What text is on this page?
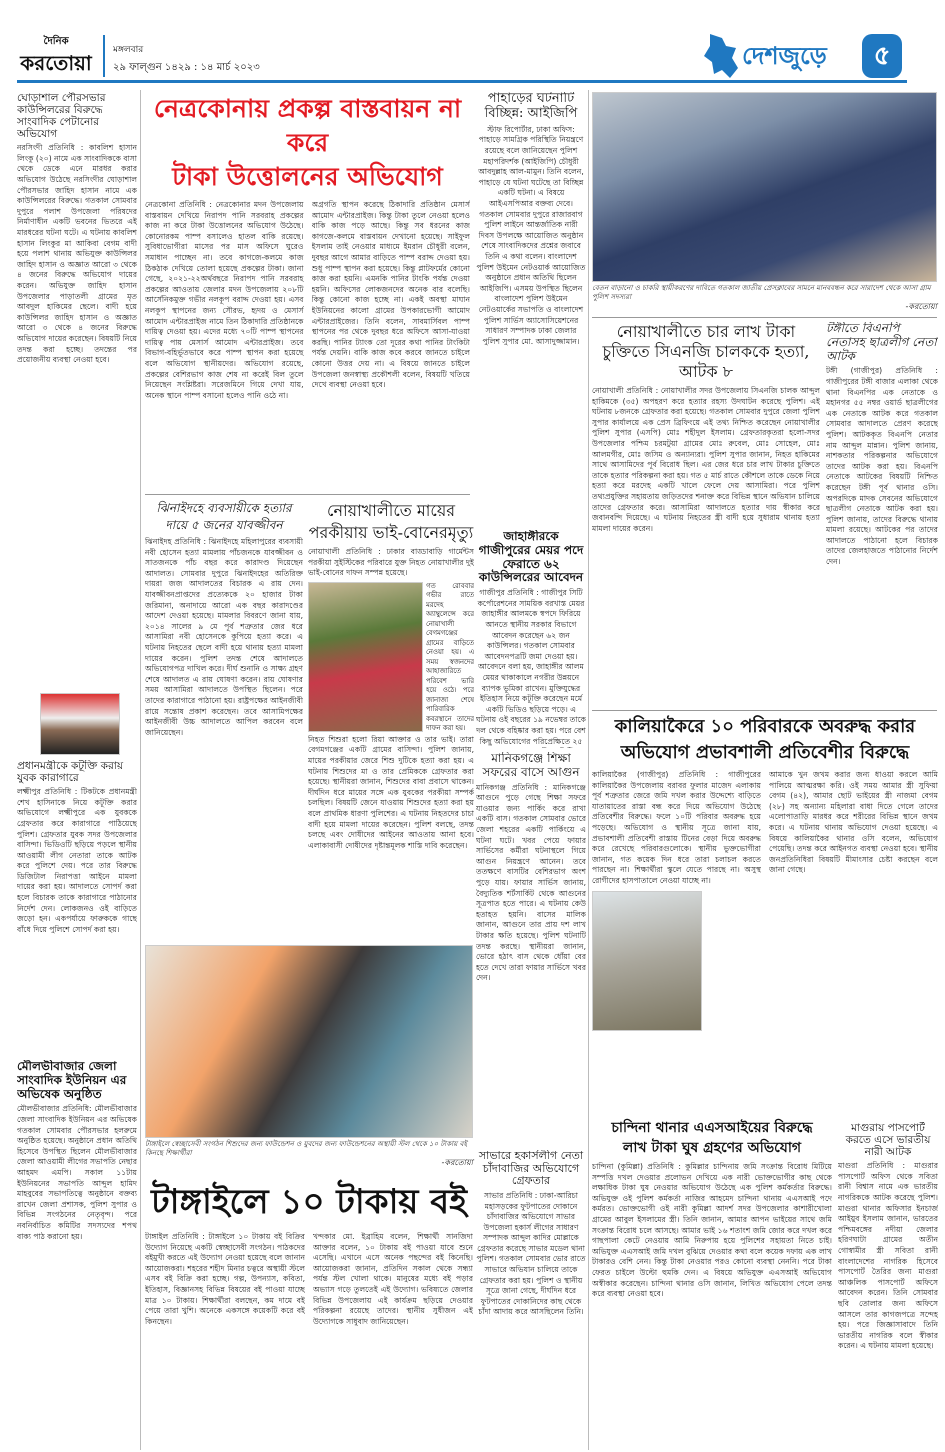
দৈনিক
করতোয়া
মঙ্গলবার
২৯ ফাল্গুন ১৪২৯ : ১৪ মার্চ ২০২৩	দেশজুড়ে	৫
ঘোড়াশাল পৌরসভার কাউন্সিলরের বিরুদ্ধে সাংবাদিক পেটানোর অভিযোগ
নরসিংদী প্রতিনিধি : কাবলিশ হাসান লিংকু (২০) নামে এক সাংবাদিককে বাসা থেকে ডেকে এনে মারধর করার অভিযোগ উঠেছে নরসিংদীর ঘোড়াশাল পৌরসভার জাহিদ হাসান নামে এক কাউন্সিলরের বিরুদ্ধে। গতকাল সোমবার দুপুরে পলাশ উপজেলা পরিষদের নির্মাণাধীন একটি ভবনের ভিতরে এই মারধরের ঘটনা ঘটে। এ ঘটনায় কাবলিশ হাসান লিংকুর মা আকিবা বেগম বাদী হয়ে পলাশ থানায় অভিযুক্ত কাউন্সিলর জাহিদ হাসান ও অজ্ঞাত আরো ৩ থেকে ৪ জনের বিরুদ্ধে অভিযোগ দায়ের করেন। অভিযুক্ত জাহিদ হাসান উপজেলার পাড়াতলী গ্রামের মৃত আবদুল হাকিমের ছেলে। বাদী হয়ে কাউন্সিলর জাহিদ হাসান ও অজ্ঞাত আরো ৩ থেকে ৪ জনের বিরুদ্ধে অভিযোগ দায়ের করেছেন। বিষয়টি নিয়ে তদন্ত করা হচ্ছে। তদন্তের পর প্রয়োজনীয় ব্যবস্থা নেওয়া হবে।
প্রধানমন্ত্রীকে কটূক্তি করায় যুবক কারাগারে
লক্ষ্মীপুর প্রতিনিধি : টিকটকে প্রধানমন্ত্রী শেখ হাসিনাকে নিয়ে কটূক্তি করার অভিযোগে লক্ষ্মীপুরে এক যুবককে গ্রেফতার করে কারাগারে পাঠিয়েছে পুলিশ। গ্রেফতার যুবক সদর উপজেলার বাসিন্দা। ভিডিওটি ছড়িয়ে পড়লে স্থানীয় আওয়ামী লীগ নেতারা তাকে আটক করে পুলিশে দেয়। পরে তার বিরুদ্ধে ডিজিটাল নিরাপত্তা আইনে মামলা দায়ের করা হয়। আদালতে সোপর্দ করা হলে বিচারক তাকে কারাগারে পাঠানোর নির্দেশ দেন। লোকজনও ওই বাড়িতে জড়ো হন। একপর্যায়ে ফারুককে গাছে বাঁধে দিয়ে পুলিশে সোপর্দ করা হয়।
মৌলভীবাজার জেলা সাংবাদিক ইউনিয়ন এর অভিষেক অনুষ্ঠিত
মৌলভীবাজার প্রতিনিধি: মৌলভীবাজার জেলা সাংবাদিক ইউনিয়ন এর অভিষেক গতকাল সোমবার পৌরসভার হলরুমে অনুষ্ঠিত হয়েছে। অনুষ্ঠানে প্রধান অতিথি হিসেবে উপস্থিত ছিলেন মৌলভীবাজার জেলা আওয়ামী লীগের সভাপতি নেছার আহমদ এমপি। সকাল ১১টায় ইউনিয়নের সভাপতি আব্দুল হামিদ মাহবুবের সভাপতিত্বে অনুষ্ঠানে বক্তব্য রাখেন জেলা প্রশাসক, পুলিশ সুপার ও বিভিন্ন সংগঠনের নেতৃবৃন্দ। পরে নবনির্বাচিত কমিটির সদস্যদের শপথ বাক্য পাঠ করানো হয়।
নেত্রকোনায় প্রকল্প বাস্তবায়ন না করে
টাকা উত্তোলনের অভিযোগ
নেত্রকোনা প্রতিনিধি : নেত্রকোনার মদন উপজেলায় বাস্তবায়ন দেখিয়ে নিরাপদ পানি সরবরাহ প্রকল্পের কাজ না করে টাকা উত্তোলনের অভিযোগ উঠেছে। কোনোরকম পাম্প বসালেও হাতল বাকি রয়েছে। সুবিধাভোগীরা মাসের পর মাস অফিসে ঘুরেও সমাধান পাচ্ছেন না। তবে কাগজে-কলমে কাজ ঠিকঠাক দেখিয়ে তোলা হয়েছে প্রকল্পের টাকা। জানা গেছে, ২০২১-২২অর্থবছরে নিরাপদ পানি সরবরাহ প্রকল্পের আওতায় জেলার মদন উপজেলায় ২০৮টি আর্সেনিকমুক্ত গভীর নলকূপ বরাদ্দ দেওয়া হয়। এসব নলকূপ স্থাপনের জন্য সৌরভ, হৃদয় ও মেসার্স আমোদ এন্টারপ্রাইজ নামে তিন ঠিকাদারি প্রতিষ্ঠানকে দায়িত্ব দেওয়া হয়। এদের মধ্যে ৭০টি পাম্প স্থাপনের দায়িত্ব পায় মেসার্স আমোদ এন্টারপ্রাইজ। তবে বিভাগ-বহির্ভূতভাবে করে পাম্প স্থাপন করা হয়েছে বলে অভিযোগ স্থানীয়দের। অভিযোগ রয়েছে, প্রকল্পের বেশিরভাগ কাজ শেষ না করেই বিল তুলে নিয়েছেন সংশ্লিষ্টরা। সরেজমিনে গিয়ে দেখা যায়, অনেক স্থানে পাম্প বসানো হলেও পানি ওঠে না।
অগ্রগতি স্থাপন করেছে ঠিকাদারি প্রতিষ্ঠান মেসার্স আমোদ এন্টারপ্রাইজ। কিন্তু টাকা তুলে নেওয়া হলেও বাকি কাজ পড়ে আছে। কিন্তু সব ধরনের কাজ কাগজে-কলমে বাস্তবায়ন দেখানো হয়েছে। সাইফুল ইসলাম তাই নেওয়ার মাধ্যমে ইমরান চৌধুরী বলেন, দুবছর আগে আমার বাড়িতে পাম্প বরাদ্দ দেওয়া হয়। শুধু পাম্প স্থাপন করা হয়েছে। কিন্তু প্লাটফর্মের কোনো কাজ করা হয়নি। এমনকি পানির টাংকি পর্যন্ত দেওয়া হয়নি। অফিসের লোকজনদের অনেক বার বলেছি। কিন্তু কোনো কাজ হচ্ছে না। একই অবস্থা মাঘান ইউনিয়নের কালো গ্রামের উপকারভোগী আমোদ এন্টারপ্রাইজের। তিনি বলেন, সাবমার্সিবল পাম্প স্থাপনের পর থেকে দুবছর ধরে অফিসে আসা-যাওয়া করছি। পানির ট্যাংক তো দূরের কথা পানির টাংকিটা পর্যন্ত দেয়নি। বাকি কাজ কবে করবে জানতে চাইলে কোনো উত্তর দেয় না। এ বিষয়ে জানতে চাইলে উপজেলা জনস্বাস্থ্য প্রকৌশলী বলেন, বিষয়টি খতিয়ে দেখে ব্যবস্থা নেওয়া হবে।
পাহাড়ের ঘটনাটি বিচ্ছিন্ন: আইজিপি
স্টাফ রিপোর্টার, ঢাকা অফিস: পাহাড়ে সামগ্রিক পরিস্থিতি নিয়ন্ত্রণে রয়েছে বলে জানিয়েছেন পুলিশ মহাপরিদর্শক (আইজিপি) চৌধুরী আবদুল্লাহ আল-মামুন। তিনি বলেন, পাহাড়ে যে ঘটনা ঘটেছে তা বিচ্ছিন্ন একটি ঘটনা। এ বিষয়ে আইএসপিআর বক্তব্য দেবে। গতকাল সোমবার দুপুরে রাজারবাগ পুলিশ লাইনে আন্তর্জাতিক নারী দিবস উপলক্ষে আয়োজিত অনুষ্ঠান শেষে সাংবাদিকদের প্রশ্নের জবাবে তিনি এ কথা বলেন। বাংলাদেশ পুলিশ উইমেন নেটওয়ার্ক আয়োজিত অনুষ্ঠানে প্রধান অতিথি ছিলেন আইজিপি। এসময় উপস্থিত ছিলেন বাংলাদেশ পুলিশ উইমেন নেটওয়ার্কের সভাপতি ও বাংলাদেশ পুলিশ সার্ভিস অ্যাসোসিয়েশনের সাধারণ সম্পাদক ঢাকা জেলার পুলিশ সুপার মো. আসাদুজ্জামান।
জাহাঙ্গীরকে গাজীপুরের মেয়র পদে ফেরাতে ৬২ কাউন্সিলরের আবেদন
গাজীপুর প্রতিনিধি : গাজীপুর সিটি কর্পোরেশনের সাময়িক বরখাস্ত মেয়র জাহাঙ্গীর আলমকে স্বপদে ফিরিয়ে আনতে স্থানীয় সরকার বিভাগে আবেদন করেছেন ৬২ জন কাউন্সিলর। গতকাল সোমবার আবেদনপত্রটি জমা দেওয়া হয়। আবেদনে বলা হয়, জাহাঙ্গীর আলম মেয়র থাকাকালে নগরীর উন্নয়নে ব্যাপক ভূমিকা রাখেন। মুক্তিযুদ্ধের ইতিহাস নিয়ে কটূক্তি করেছেন মর্মে একটি ভিডিও ছড়িয়ে পড়ে। এ ঘটনায় ওই বছরের ১৯ নভেম্বর তাকে দল থেকে বহিষ্কার করা হয়। পরে বেশ কিছু অভিযোগের পরিপ্রেক্ষিতে ২৫
মানিকগঞ্জে শিক্ষা সফরের বাসে আগুন
মানিকগঞ্জ প্রতিনিধি : মানিকগঞ্জে আগুনে পুড়ে গেছে শিক্ষা সফরে যাওয়ার জন্য পার্কিং করে রাখা একটি বাস। গতকাল সোমবার ভোরে জেলা শহরের একটি পার্কিংয়ে এ ঘটনা ঘটে। খবর পেয়ে ফায়ার সার্ভিসের কর্মীরা ঘটনাস্থলে গিয়ে আগুন নিয়ন্ত্রণে আনেন। তবে ততক্ষণে বাসটির বেশিরভাগ অংশ পুড়ে যায়। ফায়ার সার্ভিস জানায়, বৈদ্যুতিক শর্টসার্কিট থেকে আগুনের সূত্রপাত হতে পারে। এ ঘটনায় কেউ হতাহত হয়নি। বাসের মালিক জানান, আগুনে তার প্রায় দশ লাখ টাকার ক্ষতি হয়েছে। পুলিশ ঘটনাটি তদন্ত করছে। স্থানীয়রা জানান, ভোরে হঠাৎ বাস থেকে ধোঁয়া বের হতে দেখে তারা ফায়ার সার্ভিসে খবর দেন।
সাভারে হকার্সলীগ নেতা চাঁদাবাজির অভিযোগে গ্রেফতার
সাভার প্রতিনিধি : ঢাকা-আরিচা মহাসড়কের ফুটপাতের দোকানে চাঁদাবাজির অভিযোগে সাভার উপজেলা হকার্স লীগের সাধারণ সম্পাদক আব্দুল কাদির মোল্লাকে গ্রেফতার করেছে সাভার মডেল থানা পুলিশ। গতকাল সোমবার ভোর রাতে সাভারে অভিযান চালিয়ে তাকে গ্রেফতার করা হয়। পুলিশ ও স্থানীয় সূত্রে জানা গেছে, দীর্ঘদিন ধরে ফুটপাতের দোকানিদের কাছ থেকে চাঁদা আদায় করে আসছিলেন তিনি।
বেতন বাড়ানো ও চাকরি স্থায়ীকরণের দাবিতে গতকাল জাতীয় প্রেসক্লাবের সামনে মানববন্ধন করে সারাদেশ থেকে আসা গ্রাম পুলিশ সদস্যরা
-করতোয়া
নোয়াখালীতে চার লাখ টাকা চুক্তিতে সিএনজি চালককে হত্যা, আটক ৮
নোয়াখালী প্রতিনিধি : নোয়াখালীর সদর উপজেলায় সিএনজি চালক আব্দুল হাকিমকে (৩৫) অপহরণ করে হত্যার রহস্য উদঘাটন করেছে পুলিশ। এই ঘটনায় ৮জনকে গ্রেফতার করা হয়েছে। গতকাল সোমবার দুপুরে জেলা পুলিশ সুপার কার্যালয়ে এক প্রেস ব্রিফিংয়ে এই তথ্য নিশ্চিত করেছেন নোয়াখালীর পুলিশ সুপার (এসপি) মোঃ শহীদুল ইসলাম। গ্রেফতারকৃতরা হলো-সদর উপজেলার পশ্চিম চরমটুয়া গ্রামের মোঃ রুবেল, মোঃ সোহেল, মোঃ আলমগীর, মোঃ জসিম ও অন্যান্যরা। পুলিশ সুপার জানান, নিহত হাকিমের সাথে আসামিদের পূর্ব বিরোধ ছিল। এর জের ধরে চার লাখ টাকার চুক্তিতে তাকে হত্যার পরিকল্পনা করা হয়। গত ৫ মার্চ রাতে কৌশলে তাকে ডেকে নিয়ে হত্যা করে মরদেহ একটি খালে ফেলে দেয় আসামিরা। পরে পুলিশ তথ্যপ্রযুক্তির সহায়তায় জড়িতদের শনাক্ত করে বিভিন্ন স্থানে অভিযান চালিয়ে তাদের গ্রেফতার করে। আসামিরা আদালতে হত্যার দায় স্বীকার করে জবানবন্দি দিয়েছে। এ ঘটনায় নিহতের স্ত্রী বাদী হয়ে সুধারাম থানায় হত্যা মামলা দায়ের করেন।
টঙ্গীতে বিএনপি নেতাসহ ছাত্রলীগ নেতা আটক
টঙ্গী (গাজীপুর) প্রতিনিধি : গাজীপুরের টঙ্গী বাজার এলাকা থেকে থানা বিএনপির এক নেতাকে ও মহানগর ৫৫ নম্বর ওয়ার্ড ছাত্রলীগের এক নেতাকে আটক করে গতকাল সোমবার আদালতে প্রেরণ করেছে পুলিশ। আটককৃত বিএনপি নেতার নাম আব্দুল মান্নান। পুলিশ জানায়, নাশকতার পরিকল্পনার অভিযোগে তাদের আটক করা হয়। বিএনপি নেতাকে আটকের বিষয়টি নিশ্চিত করেছেন টঙ্গী পূর্ব থানার ওসি। অপরদিকে মাদক সেবনের অভিযোগে ছাত্রলীগ নেতাকে আটক করা হয়। পুলিশ জানায়, তাদের বিরুদ্ধে থানায় মামলা রয়েছে। আটকের পর তাদের আদালতে পাঠানো হলে বিচারক তাদের জেলহাজতে পাঠানোর নির্দেশ দেন।
কালিয়াকৈরে ১০ পরিবারকে অবরুদ্ধ করার
অভিযোগ প্রভাবশালী প্রতিবেশীর বিরুদ্ধে
কালিয়াকৈর (গাজীপুর) প্রতিনিধি : গাজীপুরের কালিয়াকৈর উপজেলায় বরাবর ফুলার মাজেদ এলাকায় পূর্ব শত্রুতার জেরে জমি দখল করার উদ্দেশ্যে বাড়িতে যাতায়াতের রাস্তা বন্ধ করে দিয়ে অভিযোগ উঠেছে প্রতিবেশীর বিরুদ্ধে। ফলে ১০টি পরিবার অবরুদ্ধ হয়ে পড়েছে। অভিযোগ ও স্থানীয় সূত্রে জানা যায়, প্রভাবশালী প্রতিবেশী রাস্তায় টিনের বেড়া দিয়ে অবরুদ্ধ করে রেখেছে পরিবারগুলোকে। স্থানীয় ভুক্তভোগীরা জানান, গত কয়েক দিন ধরে তারা চলাচল করতে পারছেন না। শিক্ষার্থীরা স্কুলে যেতে পারছে না। অসুস্থ রোগীদের হাসপাতালে নেওয়া যাচ্ছে না।
আমাকে খুন জখম করার জন্য ধাওয়া করলে আমি পালিয়ে আত্মরক্ষা করি। ওই সময় আমার স্ত্রী সুফিয়া বেগম (৪২), আমার ছোট ভাইয়ের স্ত্রী নাজমা বেগম (২৮) সহ অন্যান্য মহিলারা বাধা দিতে গেলে তাদের এলোপাতাড়ি মারধর করে শরীরের বিভিন্ন স্থানে জখম করে। এ ঘটনায় থানায় অভিযোগ দেওয়া হয়েছে। এ বিষয়ে কালিয়াকৈর থানার ওসি বলেন, অভিযোগ পেয়েছি। তদন্ত করে আইনগত ব্যবস্থা নেওয়া হবে। স্থানীয় জনপ্রতিনিধিরা বিষয়টি মীমাংসার চেষ্টা করছেন বলে জানা গেছে।
চান্দিনা থানার এএসআইয়ের বিরুদ্ধে
লাখ টাকা ঘুষ গ্রহণের অভিযোগ
চান্দিনা (কুমিল্লা) প্রতিনিধি : কুমিল্লার চান্দিনায় জমি সংক্রান্ত বিরোধ মিটিয়ে সম্পত্তি দখল দেওয়ার প্রলোভন দেখিয়ে এক নারী ভোক্তভোগীর কাছ থেকে লক্ষাধিক টাকা ঘুষ নেওয়ার অভিযোগ উঠেছে এক পুলিশ কর্মকর্তার বিরুদ্ধে। অভিযুক্ত ওই পুলিশ কর্মকর্তা নাজির আহমেদ চান্দিনা থানায় এএসআই পদে কর্মরত। ভোক্তভোগী ওই নারী কুমিল্লা আদর্শ সদর উপজেলার কাশারীখোলা গ্রামের আবুল ইসলামের স্ত্রী। তিনি জানান, আমার আপন ভাইয়ের সাথে জমি সংক্রান্ত বিরোধ চলে আসছে। আমার ভাই ১৬ শতাংশ জমি জোর করে দখল করে গাছপালা কেটে নেওয়ায় আমি নিরুপায় হয়ে পুলিশের সহায়তা নিতে চাই। অভিযুক্ত এএসআই জমি দখল বুঝিয়ে দেওয়ার কথা বলে কয়েক দফায় এক লাখ টাকারও বেশি নেন। কিন্তু টাকা নেওয়ার পরও কোনো ব্যবস্থা নেননি। পরে টাকা ফেরত চাইলে উল্টো হুমকি দেন। এ বিষয়ে অভিযুক্ত এএসআই অভিযোগ অস্বীকার করেছেন। চান্দিনা থানার ওসি জানান, লিখিত অভিযোগ পেলে তদন্ত করে ব্যবস্থা নেওয়া হবে।
মাগুরায় পাসপোর্ট করতে এসে ভারতীয় নারী আটক
মাগুরা প্রতিনিধি : মাগুরার পাসপোর্ট অফিস থেকে সবিতা রানী বিশ্বাস নামে এক ভারতীয় নাগরিককে আটক করেছে পুলিশ। মাগুরা থানার অফিসার ইনচার্জ আইয়ুব ইসলাম জানান, ভারতের পশ্চিমবঙ্গের নদীয়া জেলার হরিণঘাটা গ্রামের অতীন গোস্বামীর স্ত্রী সবিতা রানী বাংলাদেশের নাগরিক হিসেবে পাসপোর্ট তৈরির জন্য মাগুরা আঞ্চলিক পাসপোর্ট অফিসে আবেদন করেন। তিনি সোমবার ছবি তোলার জন্য অফিসে আসলে তার কাগজপত্রে সন্দেহ হয়। পরে জিজ্ঞাসাবাদে তিনি ভারতীয় নাগরিক বলে স্বীকার করেন। এ ঘটনায় মামলা হয়েছে।
ঝিনাইদহে ব্যবসায়ীকে হত্যার দায়ে ৫ জনের যাবজ্জীবন
ঝিনাইদহ প্রতিনিধি : ঝিনাইদহে মহিলাপুরের ব্যবসায়ী নবী হোসেন হত্যা মামলায় পাঁচজনকে যাবজ্জীবন ও সাতজনকে পাঁচ বছর করে কারাদণ্ড দিয়েছেন আদালত। সোমবার দুপুরে ঝিনাইদহের অতিরিক্ত দায়রা জজ আদালতের বিচারক এ রায় দেন। যাবজ্জীবনপ্রাপ্তদের প্রত্যেককে ২০ হাজার টাকা জরিমানা, অনাদায়ে আরো এক বছর কারাদণ্ডের আদেশ দেওয়া হয়েছে। মামলার বিবরণে জানা যায়, ২০১৪ সালের ৯ মে পূর্ব শত্রুতার জের ধরে আসামিরা নবী হোসেনকে কুপিয়ে হত্যা করে। এ ঘটনায় নিহতের ছেলে বাদী হয়ে থানায় হত্যা মামলা দায়ের করেন। পুলিশ তদন্ত শেষে আদালতে অভিযোগপত্র দাখিল করে। দীর্ঘ শুনানি ও সাক্ষ্য গ্রহণ শেষে আদালত এ রায় ঘোষণা করেন। রায় ঘোষণার সময় আসামিরা আদালতে উপস্থিত ছিলেন। পরে তাদের কারাগারে পাঠানো হয়। রাষ্ট্রপক্ষের আইনজীবী রায়ে সন্তোষ প্রকাশ করেছেন। তবে আসামিপক্ষের আইনজীবী উচ্চ আদালতে আপিল করবেন বলে জানিয়েছেন।
নোয়াখালীতে মায়ের পরকীয়ায় ভাই-বোনেরমৃত্যু
নোয়াখালী প্রতিনিধি : ঢাকার বাড্ডাবাড়ি গার্মেন্টস পরকীয়া সুইস্টিকের পরিবারে যুক্ত নিহত নোয়াখালীর দুই ভাই-বোনের দাফন সম্পন্ন হয়েছে।
গত রোববার গভীর রাতে মরদেহ অ্যাম্বুলেন্সে করে নোয়াখালী বেগমগঞ্জের গ্রামের বাড়িতে নেওয়া হয়। এ সময় স্বজনদের আহাজারিতে পরিবেশ ভারি হয়ে ওঠে। পরে জানাজা শেষে পারিবারিক কবরস্থানে তাদের দাফন করা হয়।
নিহত শিশুরা হলো রিয়া আক্তার ও তার ভাই। তারা বেগমগঞ্জের একটি গ্রামের বাসিন্দা। পুলিশ জানায়, মায়ের পরকীয়ার জেরে শিশু দুটিকে হত্যা করা হয়। এ ঘটনায় শিশুদের মা ও তার প্রেমিককে গ্রেফতার করা হয়েছে। স্থানীয়রা জানান, শিশুদের বাবা প্রবাসে থাকেন। দীর্ঘদিন ধরে মায়ের সঙ্গে এক যুবকের পরকীয়া সম্পর্ক চলছিল। বিষয়টি জেনে যাওয়ায় শিশুদের হত্যা করা হয় বলে প্রাথমিক ধারণা পুলিশের। এ ঘটনায় নিহতদের চাচা বাদী হয়ে মামলা দায়ের করেছেন। পুলিশ বলছে, তদন্ত চলছে এবং দোষীদের আইনের আওতায় আনা হবে। এলাকাবাসী দোষীদের দৃষ্টান্তমূলক শাস্তি দাবি করেছেন।
টাঙ্গাইলে স্বেচ্ছাসেবী সংগঠন শিশুদের জন্য ফাউন্ডেশন ও যুবদের জন্য ফাউন্ডেশনের অস্থায়ী স্টল থেকে ১০ টাকায় বই কিনছে শিক্ষার্থীরা
-করতোয়া
টাঙ্গাইলে ১০ টাকায় বই
টাঙ্গাইল প্রতিনিধি : টাঙ্গাইলে ১০ টাকায় বই বিক্রির উদ্যোগ নিয়েছে একটি স্বেচ্ছাসেবী সংগঠন। পাঠকদের বইমুখী করতে এই উদ্যোগ নেওয়া হয়েছে বলে জানান আয়োজকরা। শহরের শহীদ মিনার চত্বরে অস্থায়ী স্টলে এসব বই বিক্রি করা হচ্ছে। গল্প, উপন্যাস, কবিতা, ইতিহাস, বিজ্ঞানসহ বিভিন্ন বিষয়ের বই পাওয়া যাচ্ছে মাত্র ১০ টাকায়। শিক্ষার্থীরা বলছেন, কম দামে বই পেয়ে তারা খুশি। অনেকে একসঙ্গে কয়েকটি করে বই কিনছেন।
খন্দকার মো. ইব্রাহিম বলেন, শিক্ষার্থী সানজিদা আক্তার বলেন, ১০ টাকায় বই পাওয়া যাবে শুনে এসেছি। এখানে এসে অনেক পছন্দের বই কিনেছি। আয়োজকরা জানান, প্রতিদিন সকাল থেকে সন্ধ্যা পর্যন্ত স্টল খোলা থাকে। মানুষের মধ্যে বই পড়ার অভ্যাস গড়ে তুলতেই এই উদ্যোগ। ভবিষ্যতে জেলার বিভিন্ন উপজেলায় এই কার্যক্রম ছড়িয়ে দেওয়ার পরিকল্পনা রয়েছে তাদের। স্থানীয় সুধীজন এই উদ্যোগকে সাধুবাদ জানিয়েছেন।
